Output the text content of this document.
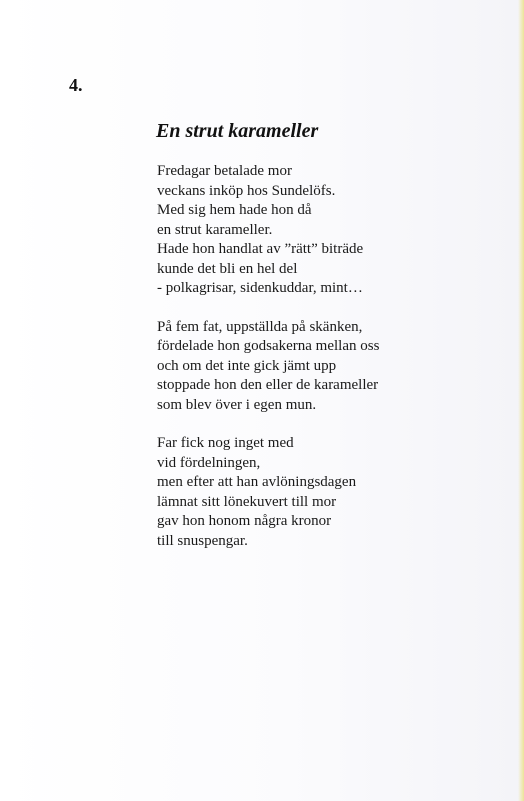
4.

En strut karameller
Fredagar betalade mor
veckans inköp hos Sundelöfs.
Med sig hem hade hon då
en strut karameller.
Hade hon handlat av ”rätt” biträde
kunde det bli en hel del
- polkagrisar, sidenkuddar, mint…
På fem fat, uppställda på skänken,
fördelade hon godsakerna mellan oss
och om det inte gick jämt upp
stoppade hon den eller de karameller
som blev över i egen mun.
Far fick nog inget med
vid fördelningen,
men efter att han avlöningsdagen
lämnat sitt lönekuvert till mor
gav hon honom några kronor
till snuspengar.
